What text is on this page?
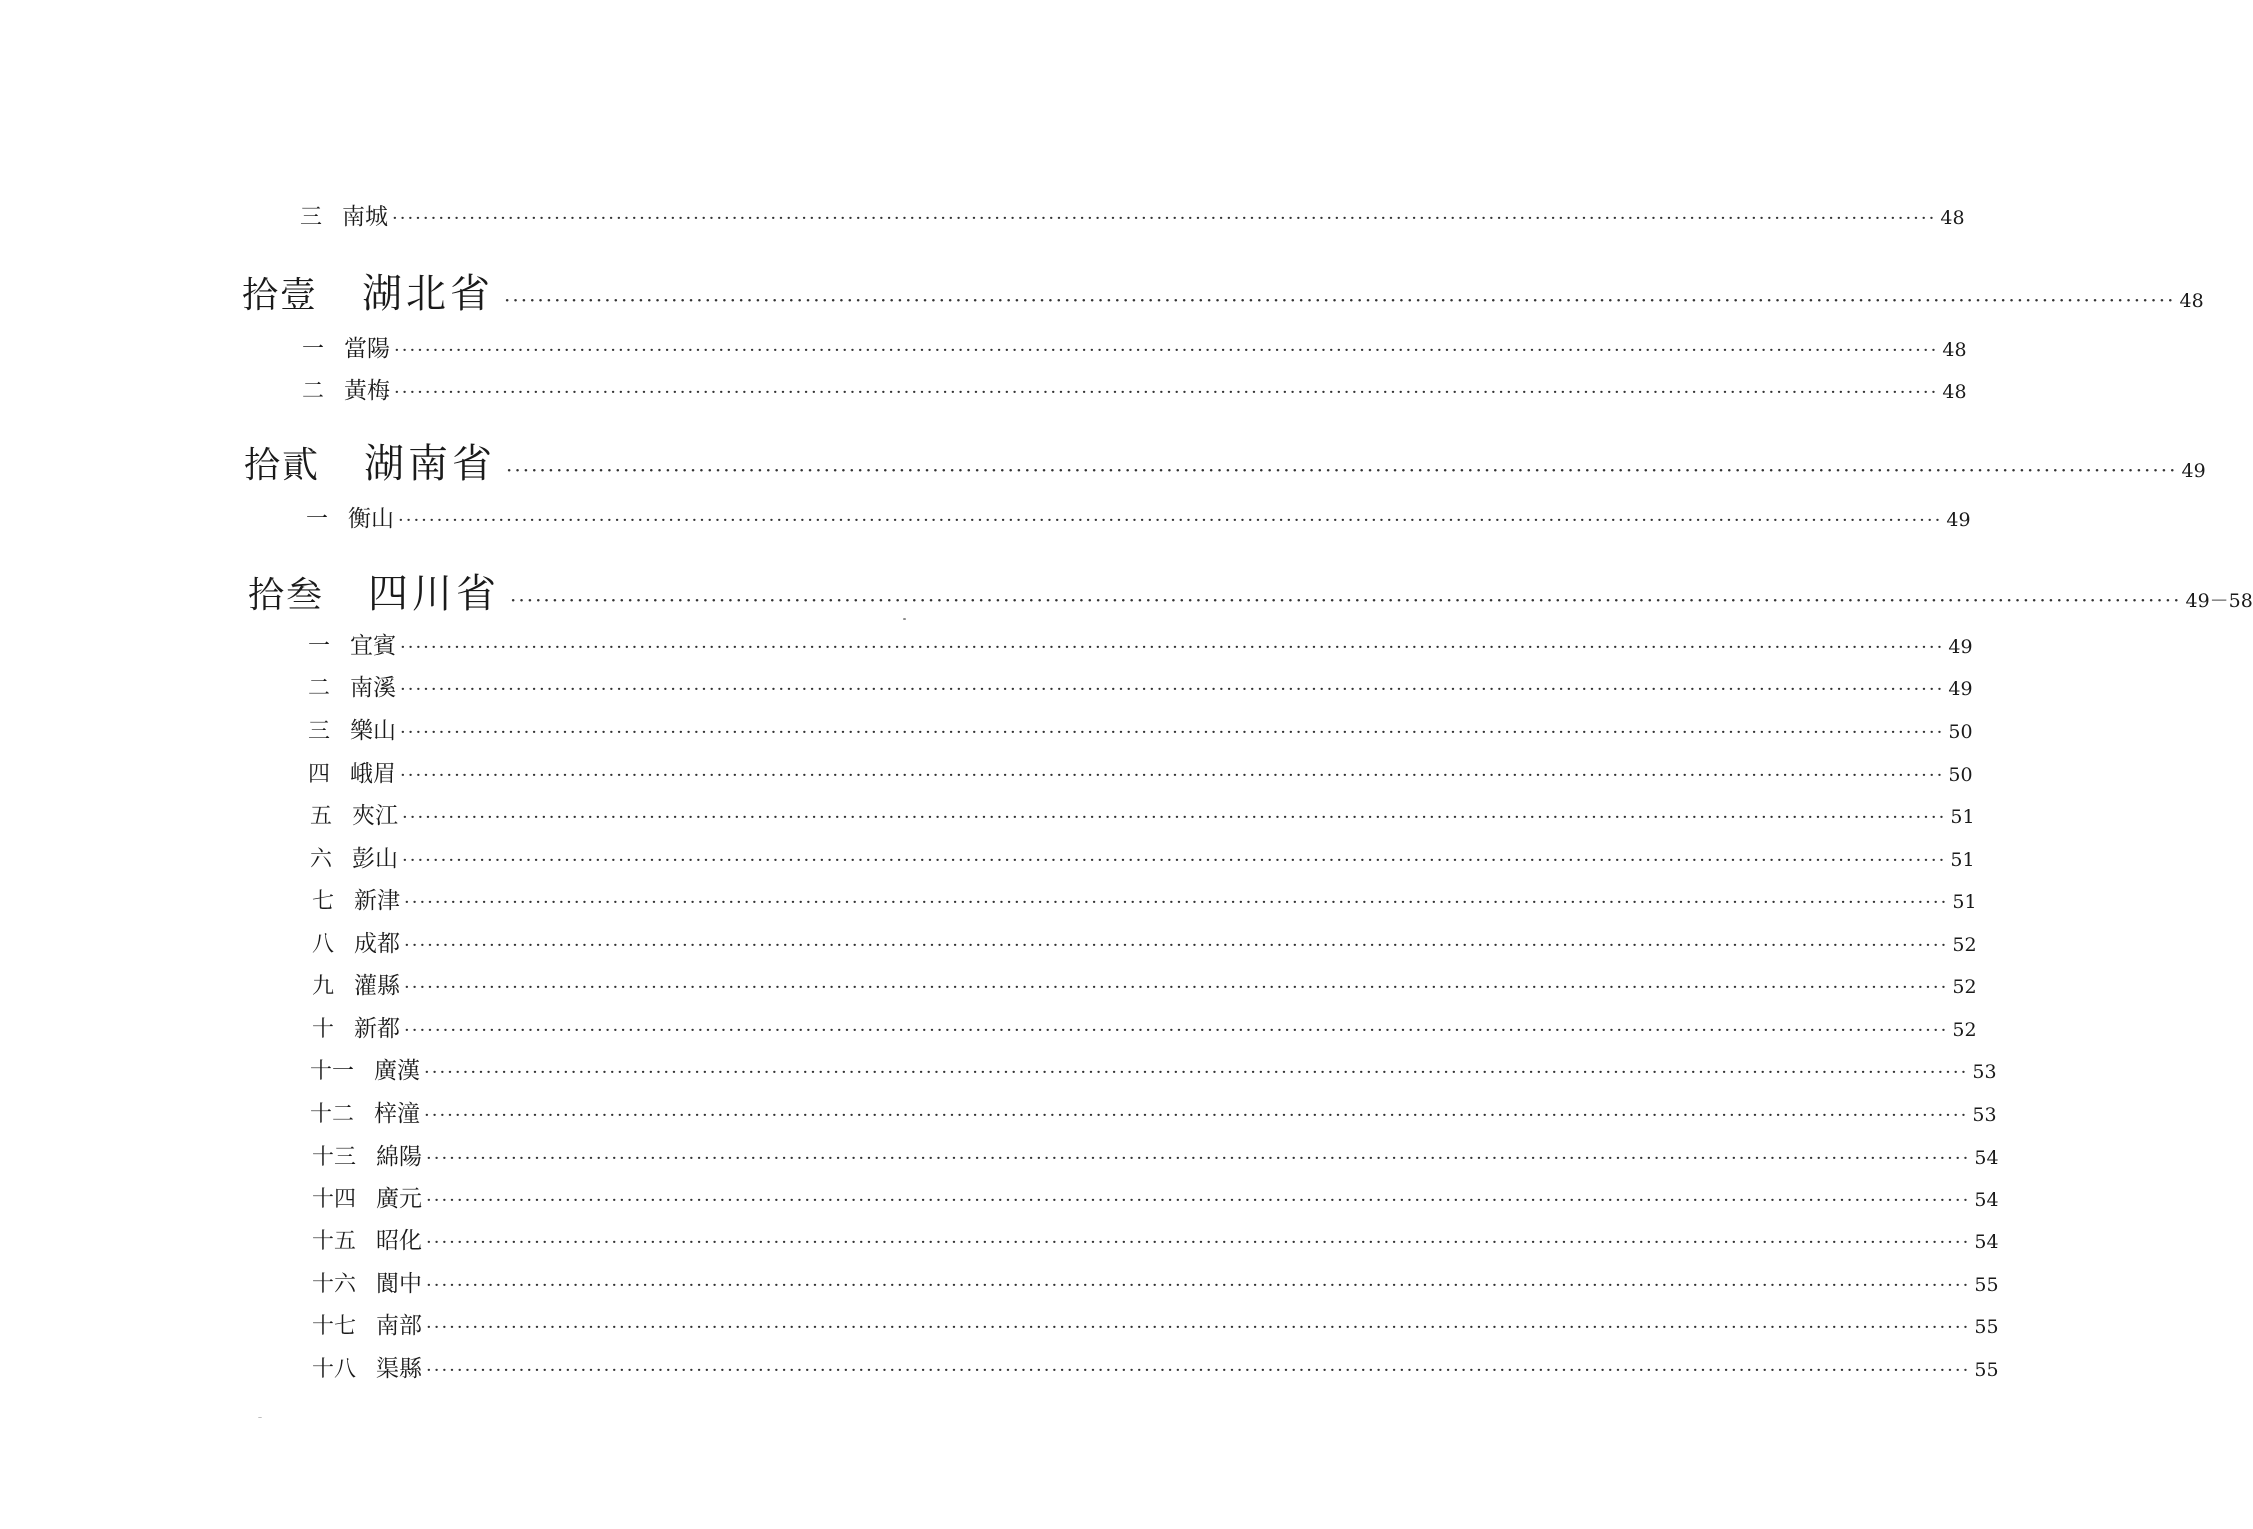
三 南城 ········································································································································································································ 48
拾壹 湖北省 ········································································································································································································ 48
一 當陽 ········································································································································································································ 48
二 黃梅 ········································································································································································································ 48
拾貳 湖南省 ········································································································································································································ 49
一 衡山 ········································································································································································································ 49
拾叁 四川省 ········································································································································································································ 49－58
一 宜賓 ········································································································································································································ 49
二 南溪 ········································································································································································································ 49
三 樂山 ········································································································································································································ 50
四 峨眉 ········································································································································································································ 50
五 夾江 ········································································································································································································ 51
六 彭山 ········································································································································································································ 51
七 新津 ········································································································································································································ 51
八 成都 ········································································································································································································ 52
九 灌縣 ········································································································································································································ 52
十 新都 ········································································································································································································ 52
十一 廣漢 ········································································································································································································ 53
十二 梓潼 ········································································································································································································ 53
十三 綿陽 ········································································································································································································ 54
十四 廣元 ········································································································································································································ 54
十五 昭化 ········································································································································································································ 54
十六 閬中 ········································································································································································································ 55
十七 南部 ········································································································································································································ 55
十八 渠縣 ········································································································································································································ 55
